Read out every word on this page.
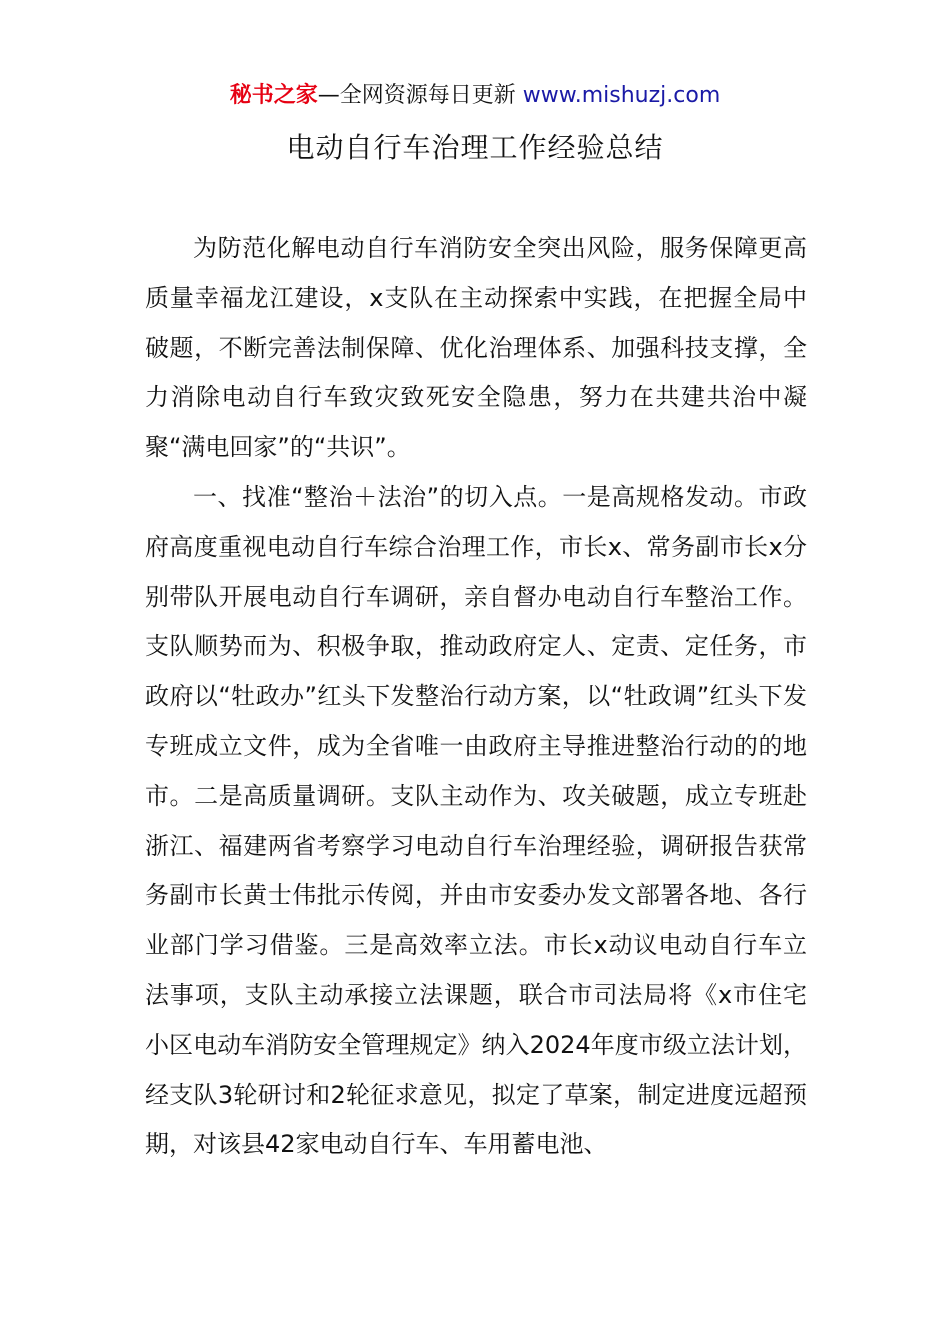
秘书之家—全网资源每日更新 www.mishuzj.com
电动自行车治理工作经验总结

为防范化解电动自行车消防安全突出风险，服务保障更高质量幸福龙江建设，x支队在主动探索中实践，在把握全局中破题，不断完善法制保障、优化治理体系、加强科技支撑，全力消除电动自行车致灾致死安全隐患，努力在共建共治中凝聚“满电回家”的“共识”。

一、找准“整治＋法治”的切入点。一是高规格发动。市政府高度重视电动自行车综合治理工作，市长x、常务副市长x分别带队开展电动自行车调研，亲自督办电动自行车整治工作。支队顺势而为、积极争取，推动政府定人、定责、定任务，市政府以“牡政办”红头下发整治行动方案，以“牡政调”红头下发专班成立文件，成为全省唯一由政府主导推进整治行动的的地市。二是高质量调研。支队主动作为、攻关破题，成立专班赴浙江、福建两省考察学习电动自行车治理经验，调研报告获常务副市长黄士伟批示传阅，并由市安委办发文部署各地、各行业部门学习借鉴。三是高效率立法。市长x动议电动自行车立法事项，支队主动承接立法课题，联合市司法局将《x市住宅小区电动车消防安全管理规定》纳入2024年度市级立法计划，经支队3轮研讨和2轮征求意见，拟定了草案，制定进度远超预期，对该县42家电动自行车、车用蓄电池、
